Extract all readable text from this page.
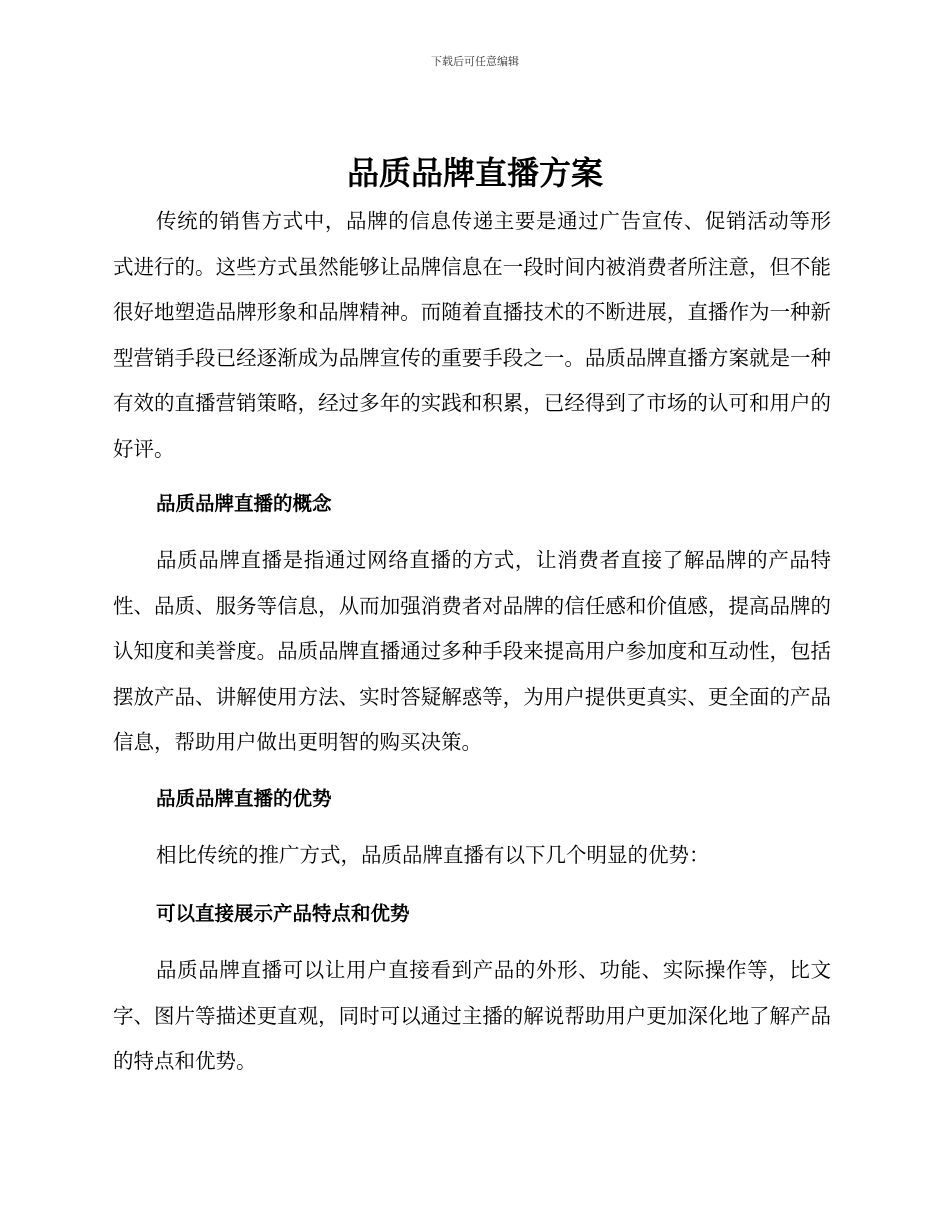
下载后可任意编辑
品质品牌直播方案

传统的销售方式中，品牌的信息传递主要是通过广告宣传、促销活动等形式进行的。这些方式虽然能够让品牌信息在一段时间内被消费者所注意，但不能很好地塑造品牌形象和品牌精神。而随着直播技术的不断进展，直播作为一种新型营销手段已经逐渐成为品牌宣传的重要手段之一。品质品牌直播方案就是一种有效的直播营销策略，经过多年的实践和积累，已经得到了市场的认可和用户的好评。

品质品牌直播的概念

品质品牌直播是指通过网络直播的方式，让消费者直接了解品牌的产品特性、品质、服务等信息，从而加强消费者对品牌的信任感和价值感，提高品牌的认知度和美誉度。品质品牌直播通过多种手段来提高用户参加度和互动性，包括摆放产品、讲解使用方法、实时答疑解惑等，为用户提供更真实、更全面的产品信息，帮助用户做出更明智的购买决策。

品质品牌直播的优势

相比传统的推广方式，品质品牌直播有以下几个明显的优势：

可以直接展示产品特点和优势

品质品牌直播可以让用户直接看到产品的外形、功能、实际操作等，比文字、图片等描述更直观，同时可以通过主播的解说帮助用户更加深化地了解产品的特点和优势。
